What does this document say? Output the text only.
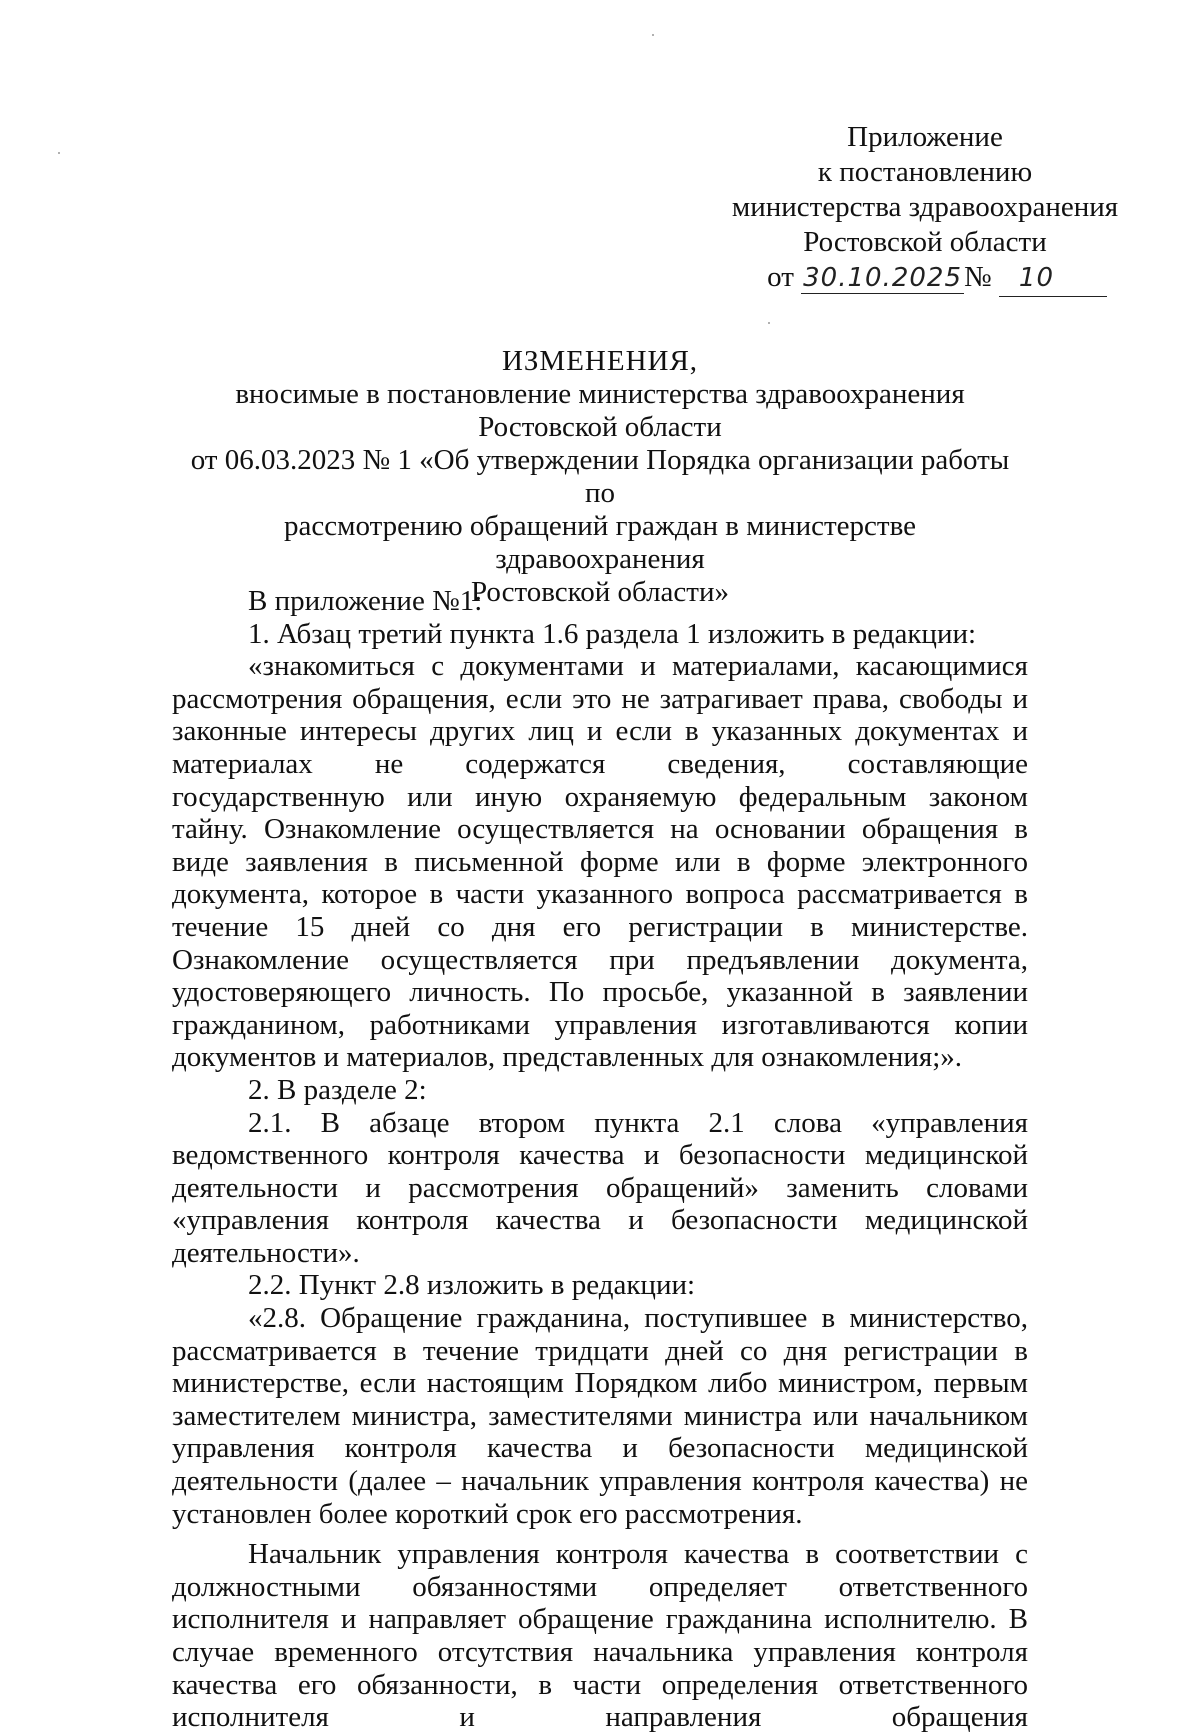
Приложение
к постановлению
министерства здравоохранения
Ростовской области
от 30.10.2025№ 10
ИЗМЕНЕНИЯ,
вносимые в постановление министерства здравоохранения Ростовской области
от 06.03.2023 № 1 «Об утверждении Порядка организации работы по
рассмотрению обращений граждан в министерстве здравоохранения
Ростовской области»

В приложение №1:

1. Абзац третий пункта 1.6 раздела 1 изложить в редакции:

«знакомиться с документами и материалами, касающимися рассмотрения обращения, если это не затрагивает права, свободы и законные интересы других лиц и если в указанных документах и материалах не содержатся сведения, составляющие государственную или иную охраняемую федеральным законом тайну. Ознакомление осуществляется на основании обращения в виде заявления в письменной форме или в форме электронного документа, которое в части указанного вопроса рассматривается в течение 15 дней со дня его регистрации в министерстве. Ознакомление осуществляется при предъявлении документа, удостоверяющего личность. По просьбе, указанной в заявлении гражданином, работниками управления изготавливаются копии документов и материалов, представленных для ознакомления;».

2. В разделе 2:

2.1. В абзаце втором пункта 2.1 слова «управления ведомственного контроля качества и безопасности медицинской деятельности и рассмотрения обращений» заменить словами «управления контроля качества и безопасности медицинской деятельности».

2.2. Пункт 2.8 изложить в редакции:

«2.8. Обращение гражданина, поступившее в министерство, рассматривается в течение тридцати дней со дня регистрации в министерстве, если настоящим Порядком либо министром, первым заместителем министра, заместителями министра или начальником управления контроля качества и безопасности медицинской деятельности (далее – начальник управления контроля качества) не установлен более короткий срок его рассмотрения.

Начальник управления контроля качества в соответствии с должностными обязанностями определяет ответственного исполнителя и направляет обращение гражданина исполнителю. В случае временного отсутствия начальника управления контроля качества его обязанности, в части определения ответственного исполнителя и направления обращения
